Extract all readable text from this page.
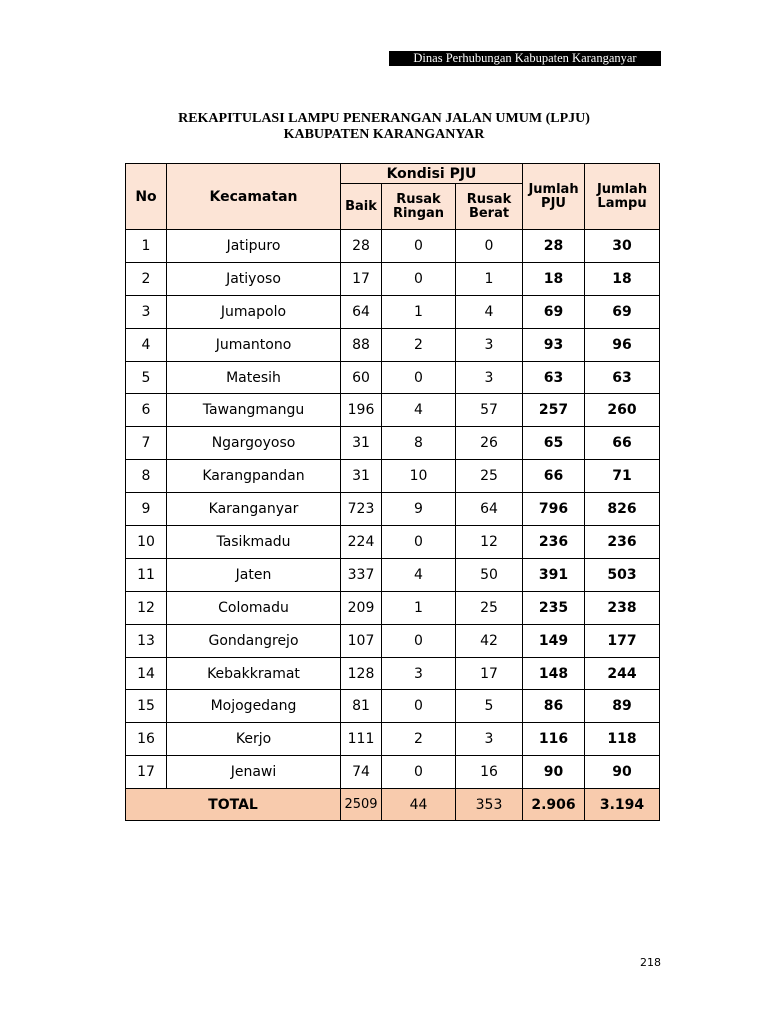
Dinas Perhubungan Kabupaten Karanganyar
REKAPITULASI LAMPU PENERANGAN JALAN UMUM (LPJU)
KABUPATEN KARANGANYAR
No	Kecamatan	Kondisi PJU			Jumlah PJU	Jumlah Lampu
		Baik	Rusak Ringan	Rusak Berat		
1	Jatipuro	28	0	0	28	30
2	Jatiyoso	17	0	1	18	18
3	Jumapolo	64	1	4	69	69
4	Jumantono	88	2	3	93	96
5	Matesih	60	0	3	63	63
6	Tawangmangu	196	4	57	257	260
7	Ngargoyoso	31	8	26	65	66
8	Karangpandan	31	10	25	66	71
9	Karanganyar	723	9	64	796	826
10	Tasikmadu	224	0	12	236	236
11	Jaten	337	4	50	391	503
12	Colomadu	209	1	25	235	238
13	Gondangrejo	107	0	42	149	177
14	Kebakkramat	128	3	17	148	244
15	Mojogedang	81	0	5	86	89
16	Kerjo	111	2	3	116	118
17	Jenawi	74	0	16	90	90
TOTAL		2509	44	353	2.906	3.194
218
